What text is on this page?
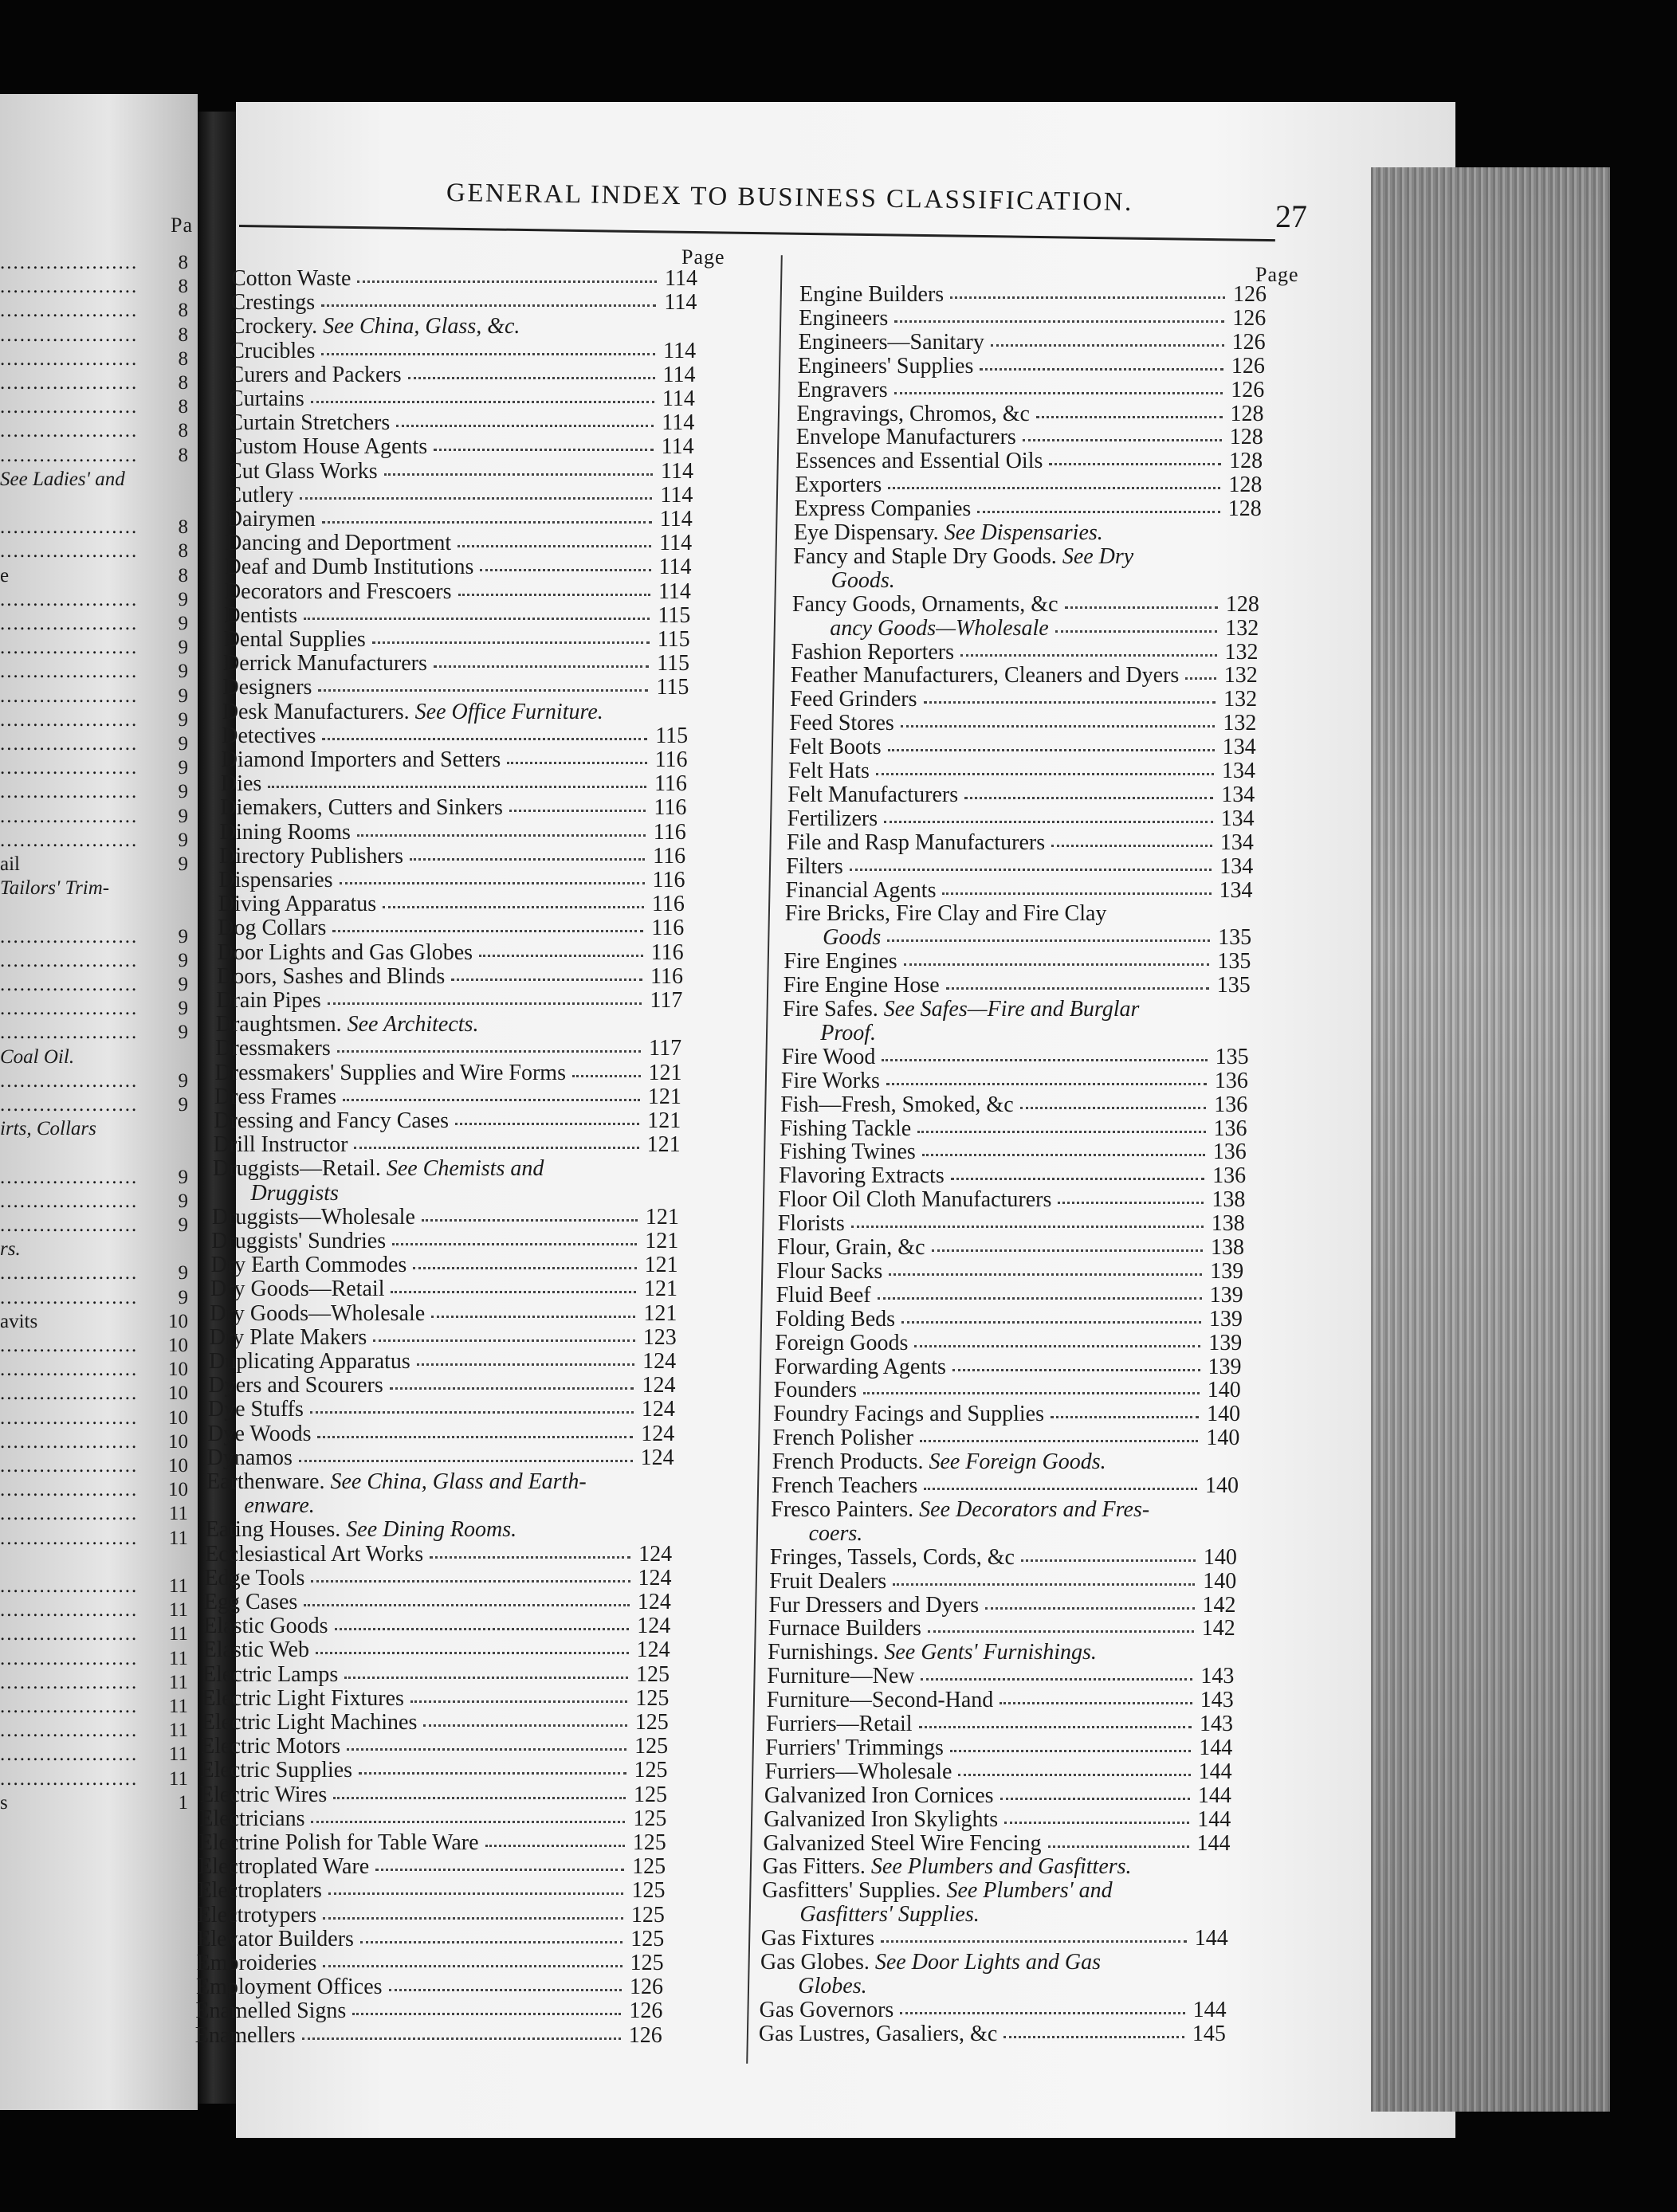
Pa
..................... 8
..................... 8
..................... 8
..................... 8
..................... 8
..................... 8
..................... 8
..................... 8
..................... 8
See Ladies' and
..................... 8
..................... 8
e	8
..................... 9
..................... 9
..................... 9
..................... 9
..................... 9
..................... 9
..................... 9
..................... 9
..................... 9
..................... 9
..................... 9
ail	9
Tailors' Trim-
..................... 9
..................... 9
..................... 9
..................... 9
..................... 9
Coal Oil.
..................... 9
..................... 9
irts, Collars
..................... 9
..................... 9
..................... 9
rs.
..................... 9
..................... 9
avits	10
..................... 10
..................... 10
..................... 10
..................... 10
..................... 10
..................... 10
..................... 10
..................... 11
..................... 11
..................... 11
..................... 11
..................... 11
..................... 11
..................... 11
..................... 11
..................... 11
..................... 11
..................... 11
s	1
GENERAL INDEX TO BUSINESS CLASSIFICATION.	27
Page
Page
Cotton Waste	114
Crestings	114
Crockery. See China, Glass, &c.
Crucibles	114
Curers and Packers	114
Curtains	114
Curtain Stretchers	114
Custom House Agents	114
Cut Glass Works	114
Cutlery	114
Dairymen	114
Dancing and Deportment	114
Deaf and Dumb Institutions	114
Decorators and Frescoers	114
Dentists	115
Dental Supplies	115
Derrick Manufacturers	115
Designers	115
Desk Manufacturers. See Office Furniture.
Detectives	115
Diamond Importers and Setters	116
Dies	116
Diemakers, Cutters and Sinkers	116
Dining Rooms	116
Directory Publishers	116
Dispensaries	116
Diving Apparatus	116
Dog Collars	116
Door Lights and Gas Globes	116
Doors, Sashes and Blinds	116
Drain Pipes	117
Draughtsmen. See Architects.
Dressmakers	117
Dressmakers' Supplies and Wire Forms	121
Dress Frames	121
Dressing and Fancy Cases	121
Drill Instructor	121
Druggists—Retail. See Chemists and
Druggists
Druggists—Wholesale	121
Druggists' Sundries	121
Dry Earth Commodes	121
Dry Goods—Retail	121
Dry Goods—Wholesale	121
Dry Plate Makers	123
Duplicating Apparatus	124
Dyers and Scourers	124
Dye Stuffs	124
Dye Woods	124
Dynamos	124
Earthenware. See China, Glass and Earth-
enware.
Eating Houses. See Dining Rooms.
Ecclesiastical Art Works	124
Edge Tools	124
Egg Cases	124
Elastic Goods	124
Elastic Web	124
Electric Lamps	125
Electric Light Fixtures	125
Electric Light Machines	125
Electric Motors	125
Electric Supplies	125
Electric Wires	125
Electricians	125
Electrine Polish for Table Ware	125
Electroplated Ware	125
Electroplaters	125
Electrotypers	125
Elevator Builders	125
Embroideries	125
Employment Offices	126
Enamelled Signs	126
Enamellers	126
Engine Builders	126
Engineers	126
Engineers—Sanitary	126
Engineers' Supplies	126
Engravers	126
Engravings, Chromos, &c	128
Envelope Manufacturers	128
Essences and Essential Oils	128
Exporters	128
Express Companies	128
Eye Dispensary. See Dispensaries.
Fancy and Staple Dry Goods. See Dry
Goods.
Fancy Goods, Ornaments, &c	128
ancy Goods—Wholesale	132
Fashion Reporters	132
Feather Manufacturers, Cleaners and Dyers 132
Feed Grinders	132
Feed Stores	132
Felt Boots	134
Felt Hats	134
Felt Manufacturers	134
Fertilizers	134
File and Rasp Manufacturers	134
Filters	134
Financial Agents	134
Fire Bricks, Fire Clay and Fire Clay
Goods	135
Fire Engines	135
Fire Engine Hose	135
Fire Safes. See Safes—Fire and Burglar
Proof.
Fire Wood	135
Fire Works	136
Fish—Fresh, Smoked, &c	136
Fishing Tackle	136
Fishing Twines	136
Flavoring Extracts	136
Floor Oil Cloth Manufacturers	138
Florists	138
Flour, Grain, &c	138
Flour Sacks	139
Fluid Beef	139
Folding Beds	139
Foreign Goods	139
Forwarding Agents	139
Founders	140
Foundry Facings and Supplies	140
French Polisher	140
French Products. See Foreign Goods.
French Teachers	140
Fresco Painters. See Decorators and Fres-
coers.
Fringes, Tassels, Cords, &c	140
Fruit Dealers	140
Fur Dressers and Dyers	142
Furnace Builders	142
Furnishings. See Gents' Furnishings.
Furniture—New	143
Furniture—Second-Hand	143
Furriers—Retail	143
Furriers' Trimmings	144
Furriers—Wholesale	144
Galvanized Iron Cornices	144
Galvanized Iron Skylights	144
Galvanized Steel Wire Fencing	144
Gas Fitters. See Plumbers and Gasfitters.
Gasfitters' Supplies. See Plumbers' and
Gasfitters' Supplies.
Gas Fixtures	144
Gas Globes. See Door Lights and Gas
Globes.
Gas Governors	144
Gas Lustres, Gasaliers, &c	145
